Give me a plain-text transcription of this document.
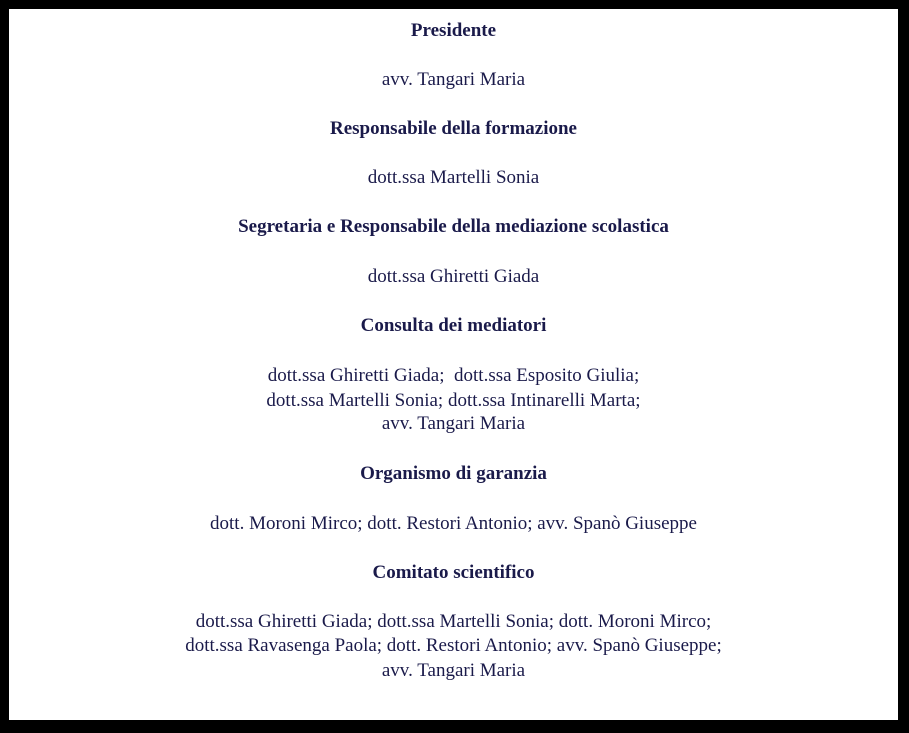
Presidente
avv. Tangari Maria
Responsabile della formazione
dott.ssa Martelli Sonia
Segretaria e Responsabile della mediazione scolastica
dott.ssa Ghiretti Giada
Consulta dei mediatori
dott.ssa Ghiretti Giada;  dott.ssa Esposito Giulia;
dott.ssa Martelli Sonia; dott.ssa Intinarelli Marta;
avv. Tangari Maria
Organismo di garanzia
dott. Moroni Mirco; dott. Restori Antonio; avv. Spanò Giuseppe
Comitato scientifico
dott.ssa Ghiretti Giada; dott.ssa Martelli Sonia; dott. Moroni Mirco;
dott.ssa Ravasenga Paola; dott. Restori Antonio; avv. Spanò Giuseppe;
avv. Tangari Maria
